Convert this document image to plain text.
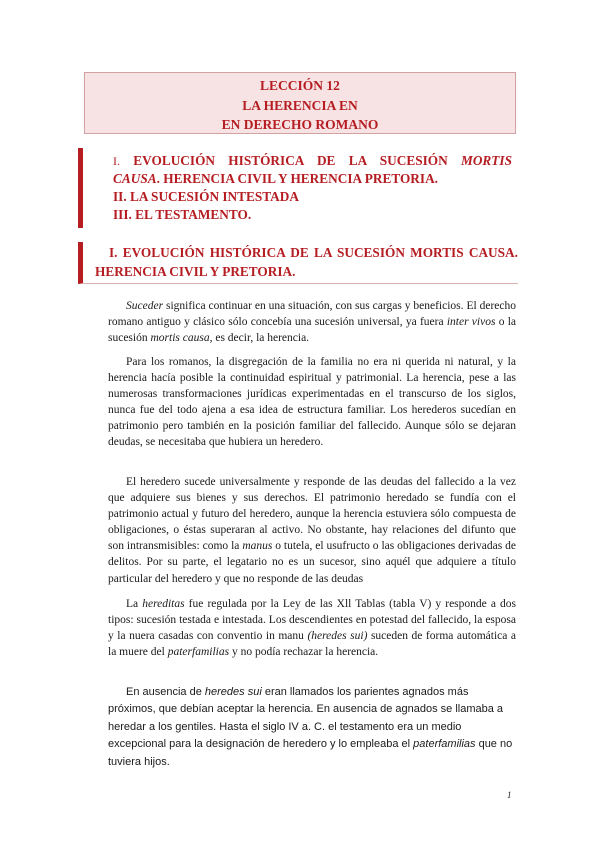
LECCIÓN 12
LA HERENCIA EN
EN DERECHO ROMANO
I. EVOLUCIÓN HISTÓRICA DE LA SUCESIÓN MORTIS
CAUSA. HERENCIA CIVIL Y HERENCIA PRETORIA.
II. LA SUCESIÓN INTESTADA
III. EL TESTAMENTO.
I. EVOLUCIÓN HISTÓRICA DE LA SUCESIÓN MORTIS CAUSA.
HERENCIA CIVIL Y PRETORIA.

Suceder significa continuar en una situación, con sus cargas y beneficios. El derecho romano antiguo y clásico sólo concebía una sucesión universal, ya fuera inter vivos o la sucesión mortis causa, es decir, la herencia.

Para los romanos, la disgregación de la familia no era ni querida ni natural, y la herencia hacía posible la continuidad espiritual y patrimonial. La herencia, pese a las numerosas transformaciones jurídicas experimentadas en el transcurso de los siglos, nunca fue del todo ajena a esa idea de estructura familiar. Los herederos sucedían en patrimonio pero también en la posición familiar del fallecido. Aunque sólo se dejaran deudas, se necesitaba que hubiera un heredero.

El heredero sucede universalmente y responde de las deudas del fallecido a la vez que adquiere sus bienes y sus derechos. El patrimonio heredado se fundía con el patrimonio actual y futuro del heredero, aunque la herencia estuviera sólo compuesta de obligaciones, o éstas superaran al activo. No obstante, hay relaciones del difunto que son intransmisibles: como la manus o tutela, el usufructo o las obligaciones derivadas de delitos. Por su parte, el legatario no es un sucesor, sino aquél que adquiere a título particular del heredero y que no responde de las deudas

La hereditas fue regulada por la Ley de las Xll Tablas (tabla V) y responde a dos tipos: sucesión testada e intestada. Los descendientes en potestad del fallecido, la esposa y la nuera casadas con conventio in manu (heredes sui) suceden de forma automática a la muere del paterfamilias y no podía rechazar la herencia.

En ausencia de heredes sui eran llamados los parientes agnados más próximos, que debían aceptar la herencia. En ausencia de agnados se llamaba a heredar a los gentiles. Hasta el siglo IV a. C. el testamento era un medio excepcional para la designación de heredero y lo empleaba el paterfamilias que no tuviera hijos.

1
